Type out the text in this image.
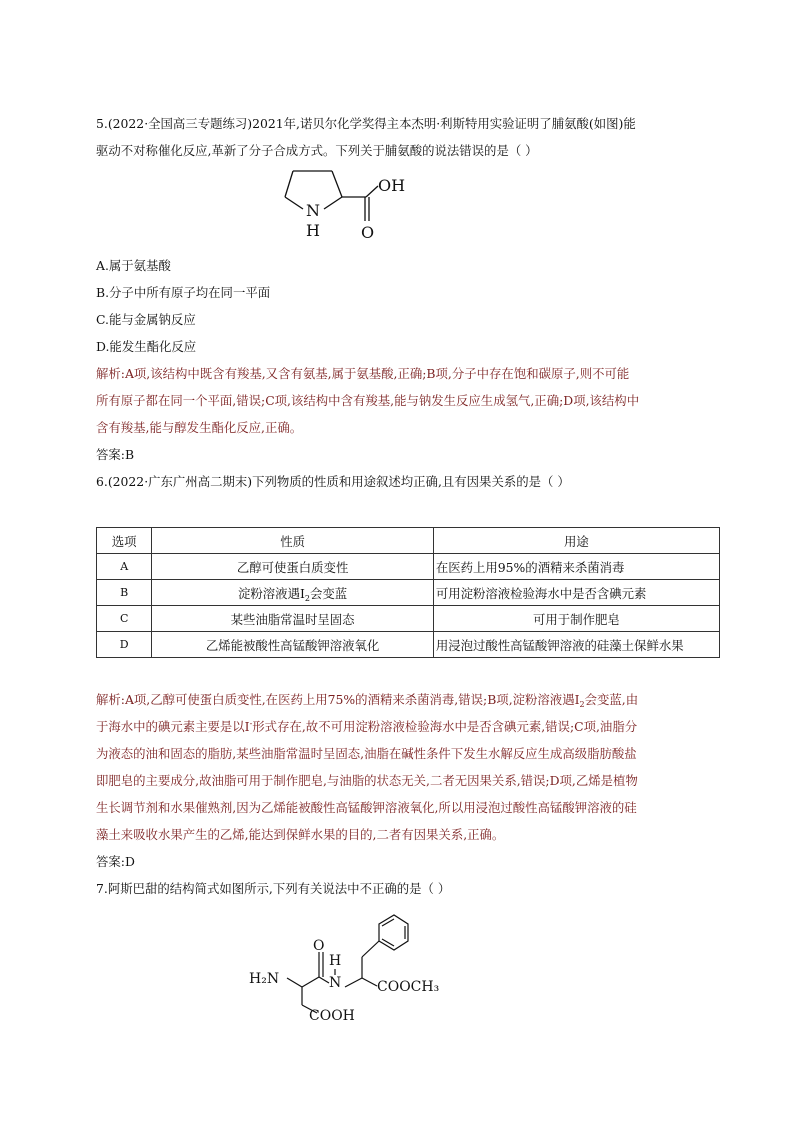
5.(2022·全国高三专题练习)2021年,诺贝尔化学奖得主本杰明·利斯特用实验证明了脯氨酸(如图)能
驱动不对称催化反应,革新了分子合成方式。下列关于脯氨酸的说法错误的是（ ）
OH
N
H	O
A.属于氨基酸
B.分子中所有原子均在同一平面
C.能与金属钠反应
D.能发生酯化反应
解析:A项,该结构中既含有羧基,又含有氨基,属于氨基酸,正确;B项,分子中存在饱和碳原子,则不可能
所有原子都在同一个平面,错误;C项,该结构中含有羧基,能与钠发生反应生成氢气,正确;D项,该结构中
含有羧基,能与醇发生酯化反应,正确。
答案:B
6.(2022·广东广州高二期末)下列物质的性质和用途叙述均正确,且有因果关系的是（ ）
选项	性质	用途
A	乙醇可使蛋白质变性	在医药上用95%的酒精来杀菌消毒
B	淀粉溶液遇$I_2$会变蓝	可用淀粉溶液检验海水中是否含碘元素
C	某些油脂常温时呈固态	可用于制作肥皂
D	乙烯能被酸性高锰酸钾溶液氧化	用浸泡过酸性高锰酸钾溶液的硅藻土保鲜水果
解析:A项,乙醇可使蛋白质变性,在医药上用75%的酒精来杀菌消毒,错误;B项,淀粉溶液遇$I_2$会变蓝,由
于海水中的碘元素主要是以I-形式存在,故不可用淀粉溶液检验海水中是否含碘元素,错误;C项,油脂分
为液态的油和固态的脂肪,某些油脂常温时呈固态,油脂在碱性条件下发生水解反应生成高级脂肪酸盐
即肥皂的主要成分,故油脂可用于制作肥皂,与油脂的状态无关,二者无因果关系,错误;D项,乙烯是植物
生长调节剂和水果催熟剂,因为乙烯能被酸性高锰酸钾溶液氧化,所以用浸泡过酸性高锰酸钾溶液的硅
藻土来吸收水果产生的乙烯,能达到保鲜水果的目的,二者有因果关系,正确。
答案:D
7.阿斯巴甜的结构简式如图所示,下列有关说法中不正确的是（ ）
H₂N
O
H
N	COOCH₃
COOH
